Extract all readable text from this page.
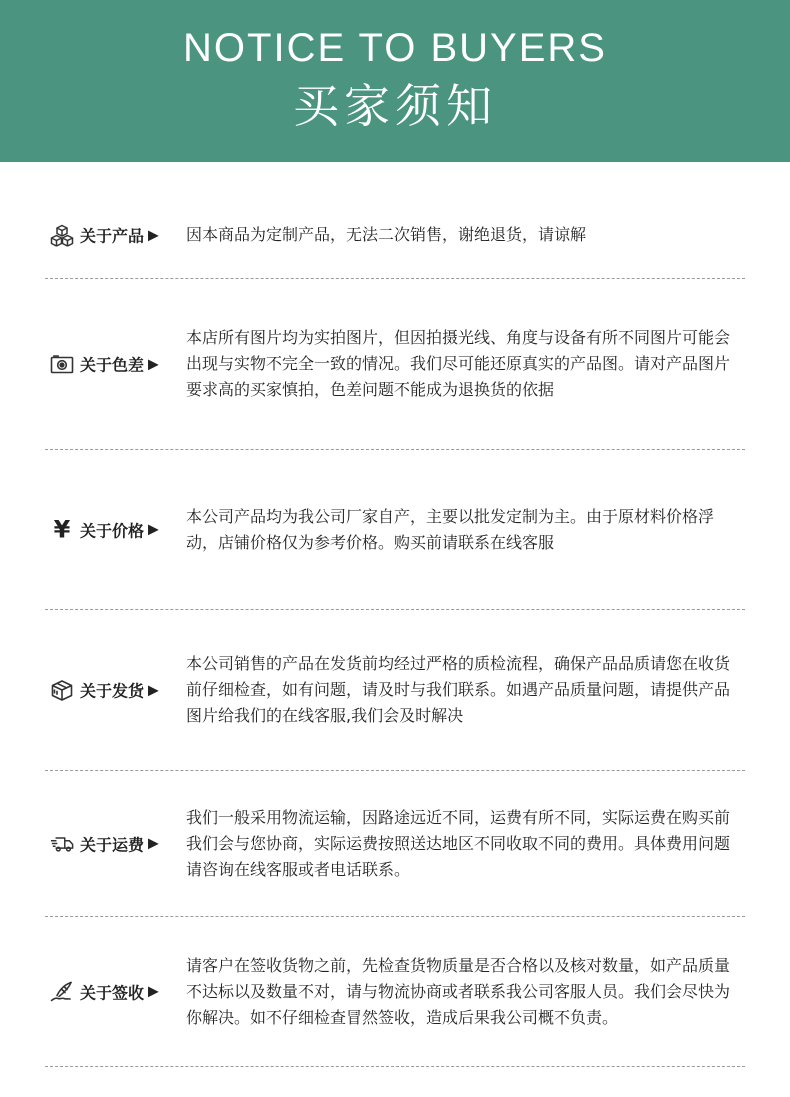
NOTICE TO BUYERS
买家须知
关于产品 ▶ 因本商品为定制产品，无法二次销售，谢绝退货，请谅解
关于色差 ▶
本店所有图片均为实拍图片，但因拍摄光线、角度与设备有所不同图片可能会出现与实物不完全一致的情况。我们尽可能还原真实的产品图。请对产品图片要求高的买家慎拍，色差问题不能成为退换货的依据
¥ 关于价格 ▶
本公司产品均为我公司厂家自产，主要以批发定制为主。由于原材料价格浮动，店铺价格仅为参考价格。购买前请联系在线客服
关于发货 ▶
本公司销售的产品在发货前均经过严格的质检流程，确保产品品质请您在收货前仔细检查，如有问题，请及时与我们联系。如遇产品质量问题，请提供产品图片给我们的在线客服,我们会及时解决
关于运费 ▶
我们一般采用物流运输，因路途远近不同，运费有所不同，实际运费在购买前我们会与您协商，实际运费按照送达地区不同收取不同的费用。具体费用问题请咨询在线客服或者电话联系。
关于签收 ▶
请客户在签收货物之前，先检查货物质量是否合格以及核对数量，如产品质量不达标以及数量不对，请与物流协商或者联系我公司客服人员。我们会尽快为你解决。如不仔细检查冒然签收，造成后果我公司概不负责。
